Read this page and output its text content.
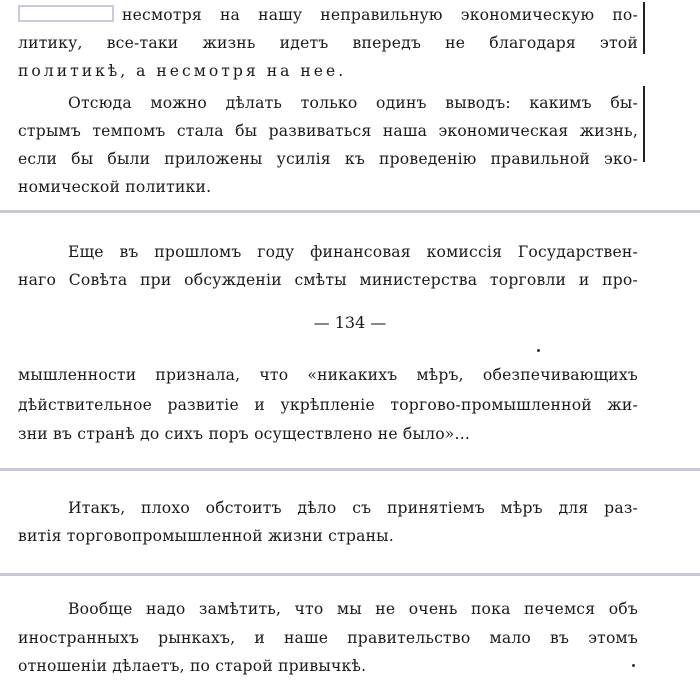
несмотря на нашу неправильную экономическую по-
литику, все-таки жизнь идетъ впередъ не благодаря этой
политикѣ, а несмотря на нее.
Отсюда можно дѣлать только одинъ выводъ: какимъ бы-
стрымъ темпомъ стала бы развиваться наша экономическая жизнь,
если бы были приложены усилія къ проведенію правильной эко-
номической политики.
Еще въ прошломъ году финансовая комиссія Государствен-
наго Совѣта при обсужденіи смѣты министерства торговли и про-
— 134 —
мышленности признала, что «никакихъ мѣръ, обезпечивающихъ
дѣйствительное развитіе и укрѣпленіе торгово-промышленной жи-
зни въ странѣ до сихъ поръ осуществлено не было»...
Итакъ, плохо обстоитъ дѣло съ принятіемъ мѣръ для раз-
витія торговопромышленной жизни страны.
Вообще надо замѣтить, что мы не очень пока печемся объ
иностранныхъ рынкахъ, и наше правительство мало въ этомъ
отношеніи дѣлаетъ, по старой привычкѣ.
